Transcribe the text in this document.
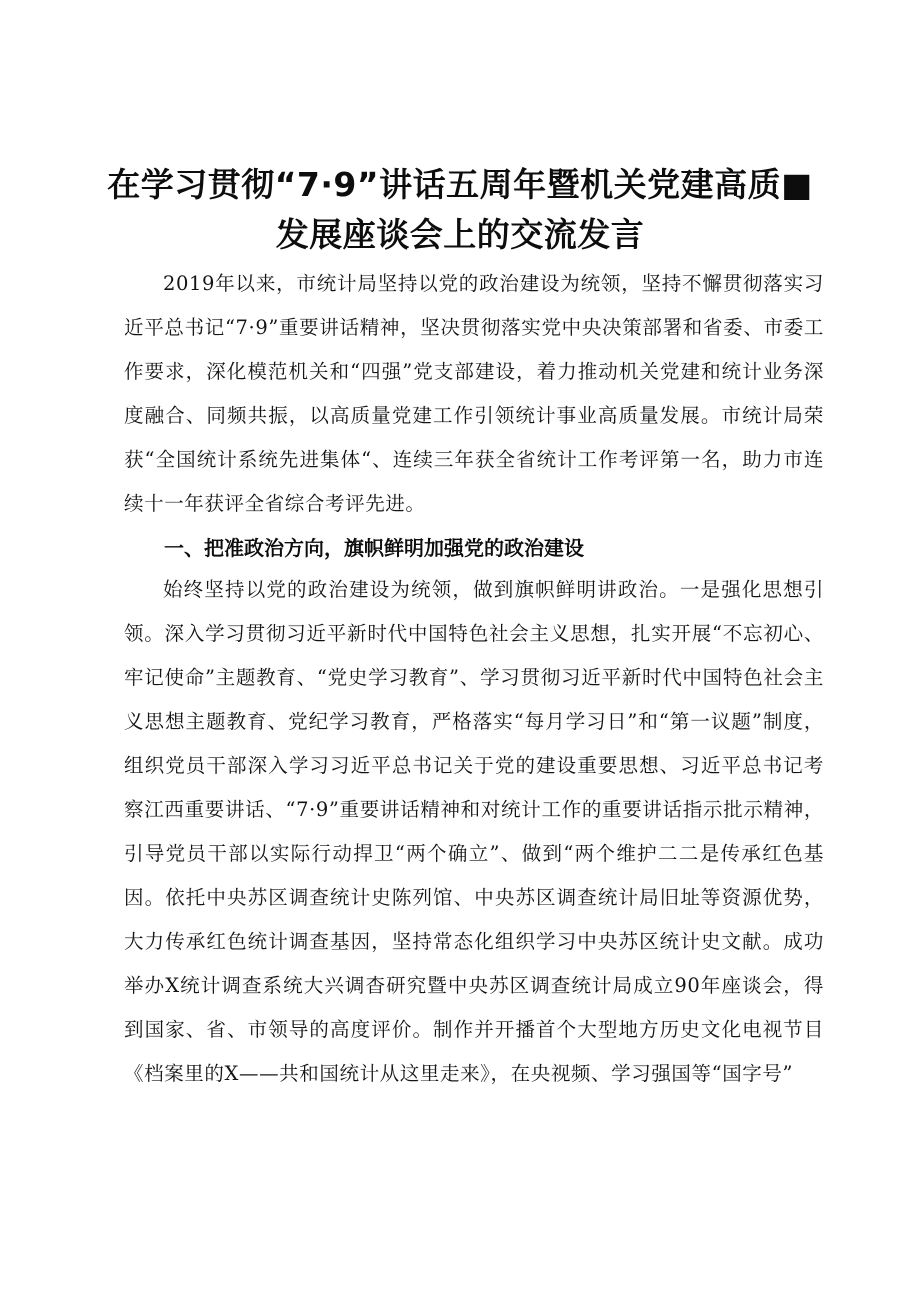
在学习贯彻“7·9”讲话五周年暨机关党建高质■
发展座谈会上的交流发言

2019年以来，市统计局坚持以党的政治建设为统领，坚持不懈贯彻落实习近平总书记“7·9”重要讲话精神，坚决贯彻落实党中央决策部署和省委、市委工作要求，深化模范机关和“四强”党支部建设，着力推动机关党建和统计业务深度融合、同频共振，以高质量党建工作引领统计事业高质量发展。市统计局荣获“全国统计系统先进集体“、连续三年获全省统计工作考评第一名，助力市连续十一年获评全省综合考评先进。

一、把准政治方向，旗帜鲜明加强党的政治建设

始终坚持以党的政治建设为统领，做到旗帜鲜明讲政治。一是强化思想引领。深入学习贯彻习近平新时代中国特色社会主义思想，扎实开展“不忘初心、牢记使命”主题教育、“党史学习教育”、学习贯彻习近平新时代中国特色社会主义思想主题教育、党纪学习教育，严格落实“每月学习日”和“第一议题”制度，组织党员干部深入学习习近平总书记关于党的建设重要思想、习近平总书记考察江西重要讲话、“7·9”重要讲话精神和对统计工作的重要讲话指示批示精神，引导党员干部以实际行动捍卫“两个确立”、做到“两个维护二二是传承红色基因。依托中央苏区调查统计史陈列馆、中央苏区调查统计局旧址等资源优势，大力传承红色统计调查基因，坚持常态化组织学习中央苏区统计史文献。成功举办X统计调查系统大兴调杳研究暨中央苏区调查统计局成立90年座谈会，得到国家、省、市领导的高度评价。制作并开播首个大型地方历史文化电视节目《档案里的X——共和国统计从这里走来》，在央视频、学习强国等“国字号”
